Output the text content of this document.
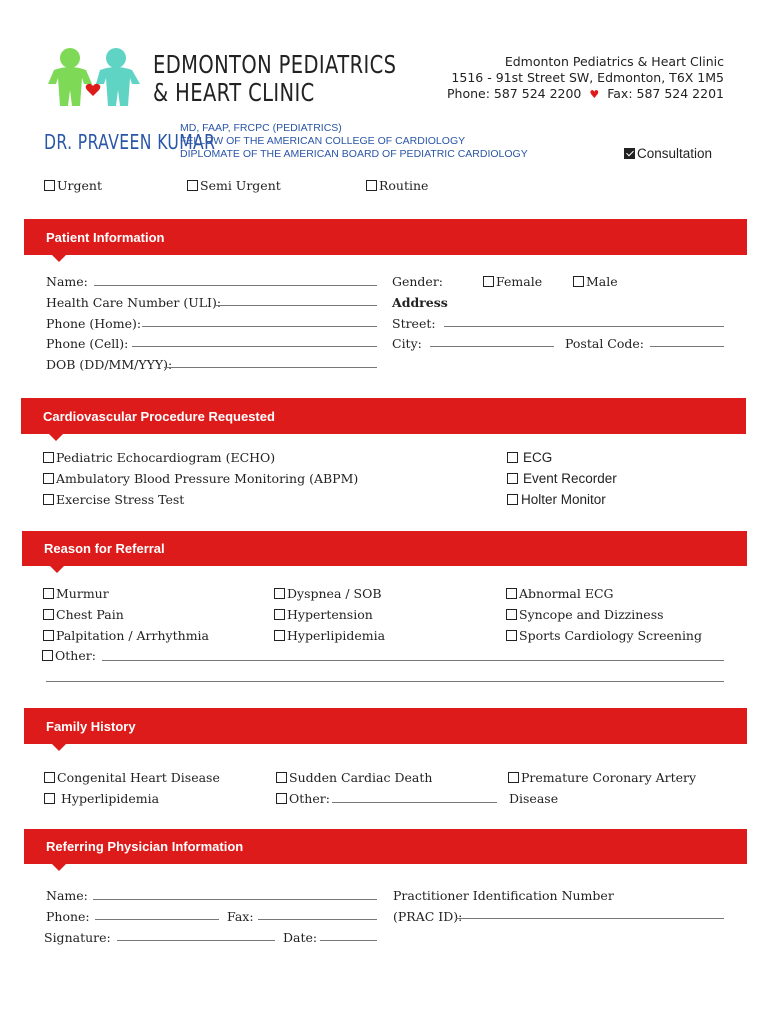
EDMONTON PEDIATRICS
& HEART CLINIC
Edmonton Pediatrics & Heart Clinic
1516 - 91st Street SW, Edmonton, T6X 1M5
Phone: 587 524 2200 ♥ Fax: 587 524 2201
DR. PRAVEEN KUMAR
MD, FAAP, FRCPC (PEDIATRICS)
FELLOW OF THE AMERICAN COLLEGE OF CARDIOLOGY
DIPLOMATE OF THE AMERICAN BOARD OF PEDIATRIC CARDIOLOGY	Consultation
Urgent	Semi Urgent	Routine
Patient Information
Name:
Health Care Number (ULI):
Phone (Home):
Phone (Cell):
DOB (DD/MM/YYY):
Gender:	Female	Male
Address
Street:
City:	Postal Code:
Cardiovascular Procedure Requested
Pediatric Echocardiogram (ECHO)
Ambulatory Blood Pressure Monitoring (ABPM)
Exercise Stress Test
ECG
Event Recorder
Holter Monitor
Reason for Referral
Murmur
Chest Pain
Palpitation / Arrhythmia
Dyspnea / SOB
Hypertension
Hyperlipidemia
Abnormal ECG
Syncope and Dizziness
Sports Cardiology Screening
Other:
Family History
Congenital Heart Disease
Hyperlipidemia
Sudden Cardiac Death
Other:
Premature Coronary Artery
Disease
Referring Physician Information
Name:
Phone:	Fax:
Signature:	Date:
Practitioner Identification Number
(PRAC ID):
